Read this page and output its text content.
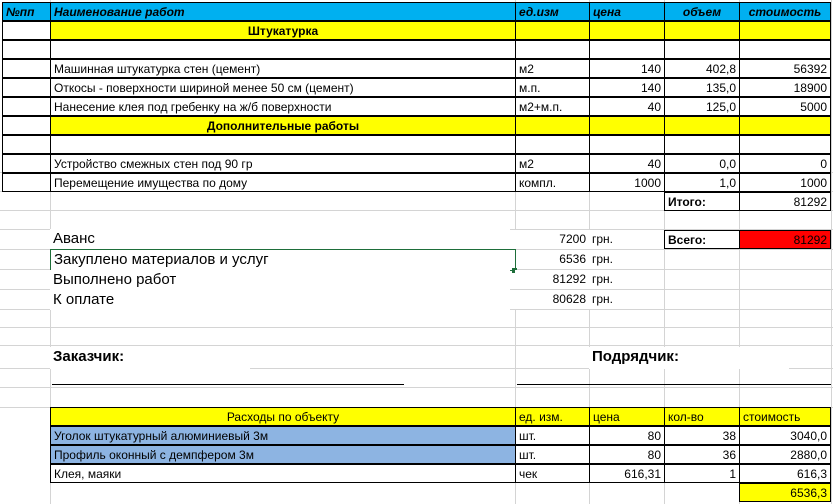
№пп	Наименование работ	ед.изм	цена	объем	стоимость
Штукатурка
Машинная штукатурка стен (цемент)	м2	140	402,8	56392
Откосы - поверхности шириной менее 50 см (цемент)	м.п.	140	135,0	18900
Нанесение клея под гребенку на ж/б поверхности	м2+м.п.	40	125,0	5000
Дополнительные работы
Устройство смежных стен под 90 гр	м2	40	0,0	0
Перемещение имущества по дому	компл.	1000	1,0	1000
Итого:	81292
Всего:	81292
Аванс	7200 грн.
Закуплено материалов и услуг	6536 грн.
Выполнено работ	81292 грн.
К оплате	80628 грн.
Заказчик:	Подрядчик:
Расходы по объекту	ед. изм.	цена	кол-во	стоимость
Уголок штукатурный алюминиевый 3м	шт.	80	38	3040,0
Профиль оконный с демпфером 3м	шт.	80	36	2880,0
Клея, маяки	чек	616,31	1	616,3
6536,3
